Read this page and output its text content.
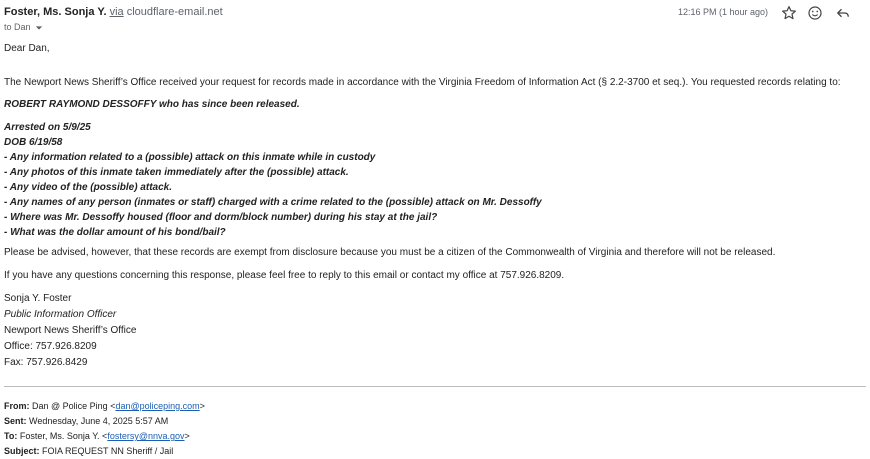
Foster, Ms. Sonja Y. via cloudflare-email.net
to Dan
12:16 PM (1 hour ago)

Dear Dan,

The Newport News Sheriff’s Office received your request for records made in accordance with the Virginia Freedom of Information Act (§ 2.2-3700 et seq.). You requested records relating to:

ROBERT RAYMOND DESSOFFY who has since been released.

Arrested on 5/9/25

DOB 6/19/58

- Any information related to a (possible) attack on this inmate while in custody

- Any photos of this inmate taken immediately after the (possible) attack.

- Any video of the (possible) attack.

- Any names of any person (inmates or staff) charged with a crime related to the (possible) attack on Mr. Dessoffy

- Where was Mr. Dessoffy housed (floor and dorm/block number) during his stay at the jail?

- What was the dollar amount of his bond/bail?

Please be advised, however, that these records are exempt from disclosure because you must be a citizen of the Commonwealth of Virginia and therefore will not be released.

If you have any questions concerning this response, please feel free to reply to this email or contact my office at 757.926.8209.

Sonja Y. Foster

Public Information Officer

Newport News Sheriff’s Office

Office: 757.926.8209

Fax: 757.926.8429

From: Dan @ Police Ping <dan@policeping.com>
Sent: Wednesday, June 4, 2025 5:57 AM
To: Foster, Ms. Sonja Y. <fostersy@nnva.gov>
Subject: FOIA REQUEST NN Sheriff / Jail
